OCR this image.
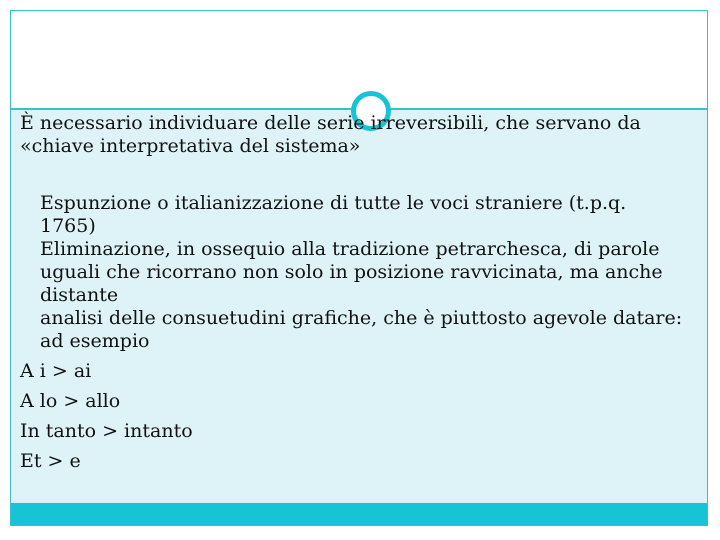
È necessario individuare delle serie irreversibili, che servano da «chiave interpretativa del sistema»

Espunzione o italianizzazione di tutte le voci straniere (t.p.q. 1765)

Eliminazione, in ossequio alla tradizione petrarchesca, di parole uguali che ricorrano non solo in posizione ravvicinata, ma anche distante

analisi delle consuetudini grafiche, che è piuttosto agevole datare: ad esempio

A i > ai

A lo > allo

In tanto > intanto

Et > e
